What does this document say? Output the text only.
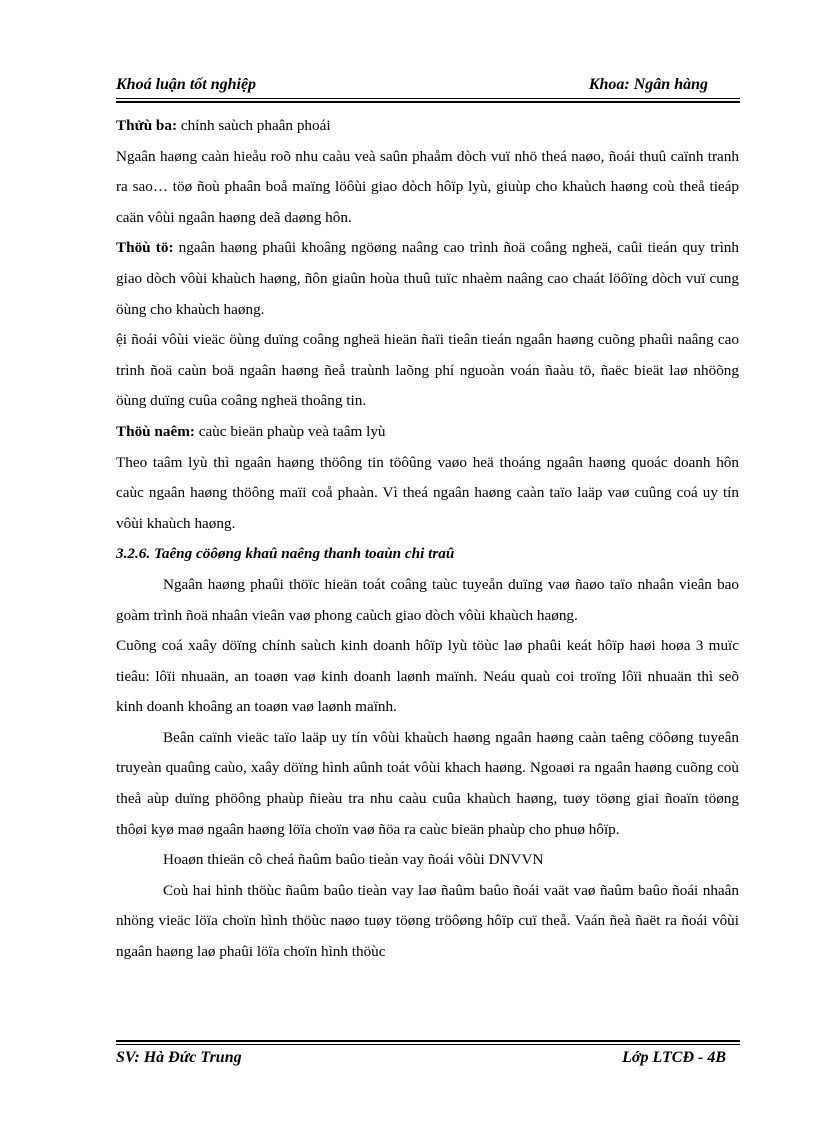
Khoá luận tốt nghiệp	Khoa: Ngân hàng

Thửù ba: chính saùch phaân phoái

Ngaân haøng caàn hieåu roõ nhu caàu veà saûn phaåm dòch vuï nhö theá naøo, ñoái thuû caïnh tranh ra sao… töø ñoù phaân boå maïng löôùi giao dòch hôïp lyù, giuùp cho khaùch haøng coù theå tieáp caän vôùi ngaân haøng deã daøng hôn.

Thöù tö: ngaân haøng phaûi khoâng ngöøng naâng cao trình ñoä coâng ngheä, caûi tieán quy trình giao dòch vôùi khaùch haøng, ñôn giaûn hoùa thuû tuïc nhaèm naâng cao chaát löôïng dòch vuï cung öùng cho khaùch haøng.

ệi ñoái vôùi vieäc öùng duïng coâng ngheä hieän ñaïi tieân tieán ngaân haøng cuõng phaûi naâng cao trình ñoä caùn boä ngaân haøng ñeå traùnh laõng phí nguoàn voán ñaàu tö, ñaëc bieät laø nhöõng öùng duïng cuûa coâng ngheä thoâng tin.

Thöù naêm: caùc bieän phaùp veà taâm lyù

Theo taâm lyù thì ngaân haøng thöông tin töôûng vaøo heä thoáng ngaân haøng quoác doanh hôn caùc ngaân haøng thöông maïi coå phaàn. Vì theá ngaân haøng caàn taïo laäp vaø cuûng coá uy tín vôùi khaùch haøng.

3.2.6. Taêng cöôøng khaû naêng thanh toaùn chi traû

Ngaân haøng phaûi thöïc hieän toát coâng taùc tuyeån duïng vaø ñaøo taïo nhaân vieân bao goàm trình ñoä nhaân vieân vaø phong caùch giao dòch vôùi khaùch haøng.

Cuõng coá xaây döïng chính saùch kinh doanh hôïp lyù töùc laø phaûi keát hôïp haøi hoøa 3 muïc tieâu: lôïi nhuaän, an toaøn vaø kinh doanh laønh maïnh. Neáu quaù coi troïng lôïi nhuaän thì seõ kinh doanh khoâng an toaøn vaø laønh maïnh.

Beân caïnh vieäc taïo laäp uy tín vôùi khaùch haøng ngaân haøng caàn taêng cöôøng tuyeân truyeàn quaûng caùo, xaây döïng hình aûnh toát vôùi khach haøng. Ngoaøi ra ngaân haøng cuõng coù theå aùp duïng phöông phaùp ñieàu tra nhu caàu cuûa khaùch haøng, tuøy töøng giai ñoaïn töøng thôøi kyø maø ngaân haøng löïa choïn vaø ñöa ra caùc bieän phaùp cho phuø hôïp.

Hoaøn thieän cô cheá ñaûm baûo tieàn vay ñoái vôùi DNVVN

Coù hai hình thöùc ñaûm baûo tieàn vay laø ñaûm baûo ñoái vaät vaø ñaûm baûo ñoái nhaân nhöng vieäc löïa choïn hình thöùc naøo tuøy töøng tröôøng hôïp cuï theå. Vaán ñeà ñaët ra ñoái vôùi ngaân haøng laø phaûi löïa choïn hình thöùc

SV: Hà Đức Trung	Lớp LTCĐ - 4B
